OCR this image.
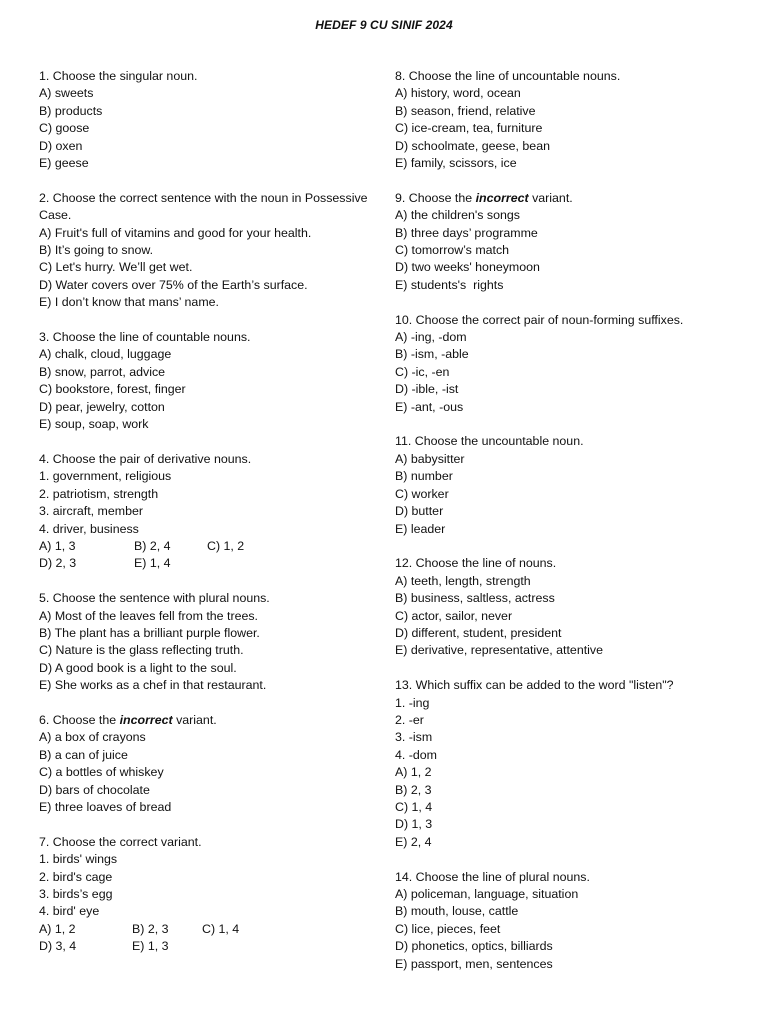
HEDEF 9 CU SINIF 2024
1. Choose the singular noun.
A) sweets
B) products
C) goose
D) oxen
E) geese
2. Choose the correct sentence with the noun in Possessive
Case.
A) Fruit's full of vitamins and good for your health.
B) It’s going to snow.
C) Let's hurry. We’ll get wet.
D) Water covers over 75% of the Earth’s surface.
E) I don’t know that mans’ name.
3. Choose the line of countable nouns.
A) chalk, cloud, luggage
B) snow, parrot, advice
C) bookstore, forest, finger
D) pear, jewelry, cotton
E) soup, soap, work
4. Choose the pair of derivative nouns.
1. government, religious
2. patriotism, strength
3. aircraft, member
4. driver, business
A) 1, 3	B) 2, 4	C) 1, 2
D) 2, 3	E) 1, 4
5. Choose the sentence with plural nouns.
A) Most of the leaves fell from the trees.
B) The plant has a brilliant purple flower.
C) Nature is the glass reflecting truth.
D) A good book is a light to the soul.
E) She works as a chef in that restaurant.
6. Choose the incorrect variant.
A) a box of crayons
B) a can of juice
C) a bottles of whiskey
D) bars of chocolate
E) three loaves of bread
7. Choose the correct variant.
1. birds' wings
2. bird's cage
3. birds’s egg
4. bird' eye
A) 1, 2	B) 2, 3	C) 1, 4
D) 3, 4	E) 1, 3
8. Choose the line of uncountable nouns.
A) history, word, ocean
B) season, friend, relative
C) ice-cream, tea, furniture
D) schoolmate, geese, bean
E) family, scissors, ice
9. Choose the incorrect variant.
A) the children's songs
B) three days’ programme
C) tomorrow’s match
D) two weeks' honeymoon
E) students's  rights
10. Choose the correct pair of noun-forming suffixes.
A) -ing, -dom
B) -ism, -able
C) -ic, -en
D) -ible, -ist
E) -ant, -ous
11. Choose the uncountable noun.
A) babysitter
B) number
C) worker
D) butter
E) leader
12. Choose the line of nouns.
A) teeth, length, strength
B) business, saltless, actress
C) actor, sailor, never
D) different, student, president
E) derivative, representative, attentive
13. Which suffix can be added to the word "listen"?
1. -ing
2. -er
3. -ism
4. -dom
A) 1, 2
B) 2, 3
C) 1, 4
D) 1, 3
E) 2, 4
14. Choose the line of plural nouns.
A) policeman, language, situation
B) mouth, louse, cattle
C) lice, pieces, feet
D) phonetics, optics, billiards
E) passport, men, sentences
